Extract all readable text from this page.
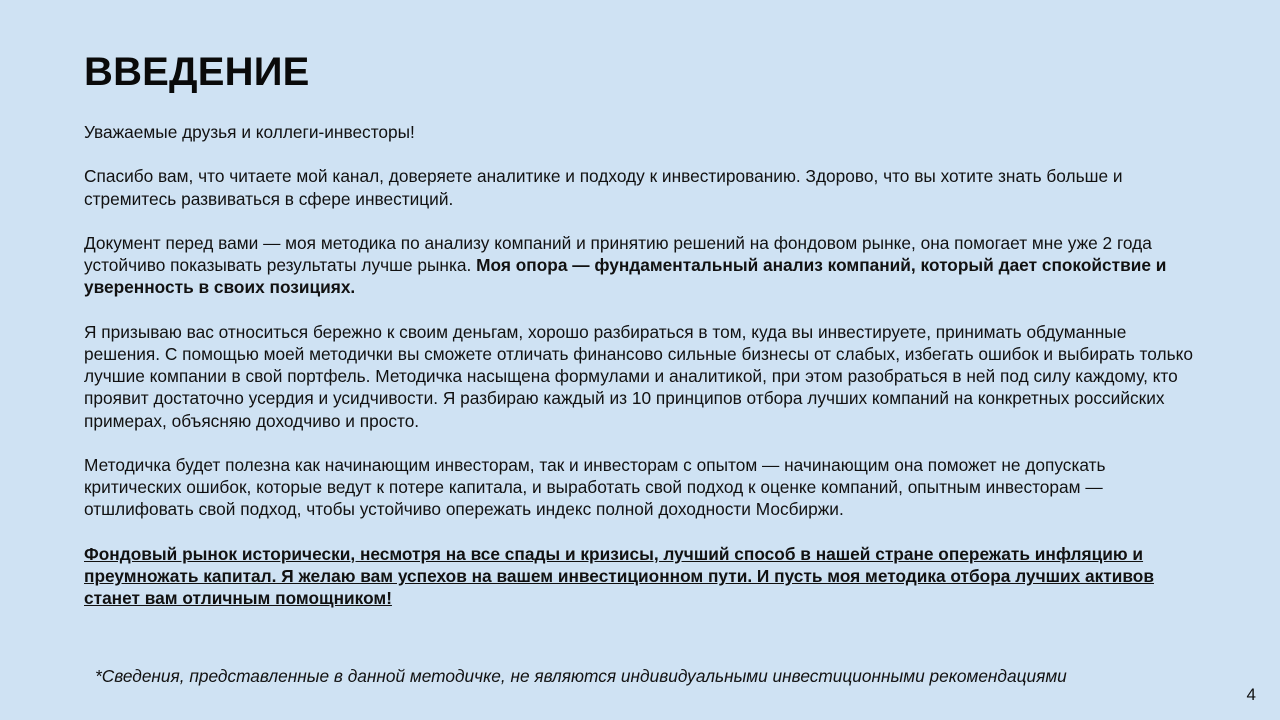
ВВЕДЕНИЕ

Уважаемые друзья и коллеги-инвесторы!

Спасибо вам, что читаете мой канал, доверяете аналитике и подходу к инвестированию. Здорово, что вы хотите знать больше и стремитесь развиваться в сфере инвестиций.

Документ перед вами — моя методика по анализу компаний и принятию решений на фондовом рынке, она помогает мне уже 2 года устойчиво показывать результаты лучше рынка. Моя опора — фундаментальный анализ компаний, который дает спокойствие и уверенность в своих позициях.

Я призываю вас относиться бережно к своим деньгам, хорошо разбираться в том, куда вы инвестируете, принимать обдуманные решения. С помощью моей методички вы сможете отличать финансово сильные бизнесы от слабых, избегать ошибок и выбирать только лучшие компании в свой портфель. Методичка насыщена формулами и аналитикой, при этом разобраться в ней под силу каждому, кто проявит достаточно усердия и усидчивости. Я разбираю каждый из 10 принципов отбора лучших компаний на конкретных российских примерах, объясняю доходчиво и просто.

Методичка будет полезна как начинающим инвесторам, так и инвесторам с опытом — начинающим она поможет не допускать критических ошибок, которые ведут к потере капитала, и выработать свой подход к оценке компаний, опытным инвесторам — отшлифовать свой подход, чтобы устойчиво опережать индекс полной доходности Мосбиржи.

Фондовый рынок исторически, несмотря на все спады и кризисы, лучший способ в нашей стране опережать инфляцию и преумножать капитал. Я желаю вам успехов на вашем инвестиционном пути. И пусть моя методика отбора лучших активов станет вам отличным помощником!

*Сведения, представленные в данной методичке, не являются индивидуальными инвестиционными рекомендациями
4
